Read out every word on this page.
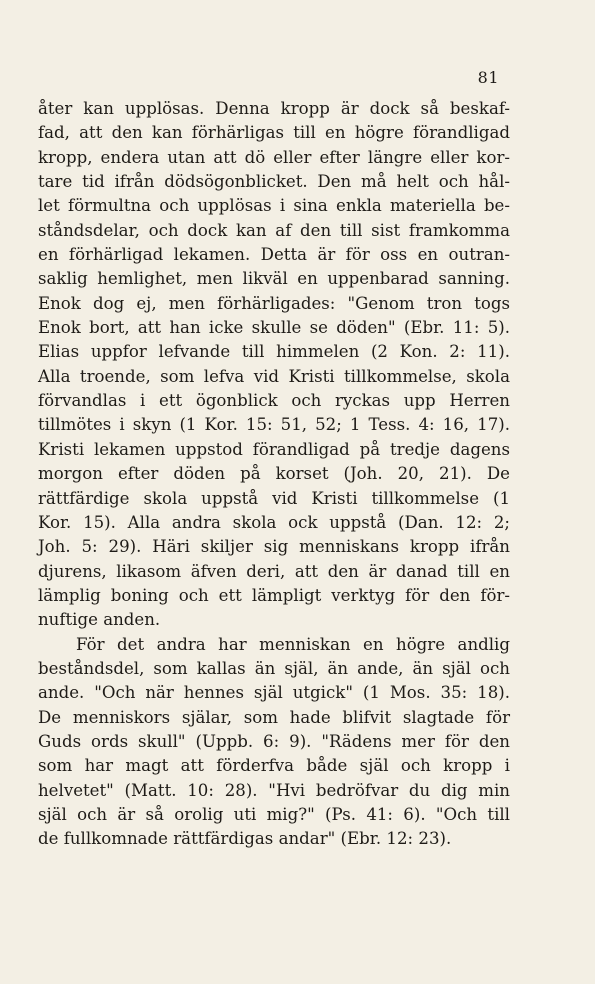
81
åter kan upplösas. Denna kropp är dock så beskaf-
fad, att den kan förhärligas till en högre förandligad
kropp, endera utan att dö eller efter längre eller kor-
tare tid ifrån dödsögonblicket. Den må helt och hål-
let förmultna och upplösas i sina enkla materiella be-
ståndsdelar, och dock kan af den till sist framkomma
en förhärligad lekamen. Detta är för oss en outran-
saklig hemlighet, men likväl en uppenbarad sanning.
Enok dog ej, men förhärligades: "Genom tron togs
Enok bort, att han icke skulle se döden" (Ebr. 11: 5).
Elias uppfor lefvande till himmelen (2 Kon. 2: 11).
Alla troende, som lefva vid Kristi tillkommelse, skola
förvandlas i ett ögonblick och ryckas upp Herren
tillmötes i skyn (1 Kor. 15: 51, 52; 1 Tess. 4: 16, 17).
Kristi lekamen uppstod förandligad på tredje dagens
morgon efter döden på korset (Joh. 20, 21). De
rättfärdige skola uppstå vid Kristi tillkommelse (1
Kor. 15). Alla andra skola ock uppstå (Dan. 12: 2;
Joh. 5: 29). Häri skiljer sig menniskans kropp ifrån
djurens, likasom äfven deri, att den är danad till en
lämplig boning och ett lämpligt verktyg för den för-
nuftige anden.
För det andra har menniskan en högre andlig
beståndsdel, som kallas än själ, än ande, än själ och
ande. "Och när hennes själ utgick" (1 Mos. 35: 18).
De menniskors själar, som hade blifvit slagtade för
Guds ords skull" (Uppb. 6: 9). "Rädens mer för den
som har magt att förderfva både själ och kropp i
helvetet" (Matt. 10: 28). "Hvi bedröfvar du dig min
själ och är så orolig uti mig?" (Ps. 41: 6). "Och till
de fullkomnade rättfärdigas andar" (Ebr. 12: 23).
